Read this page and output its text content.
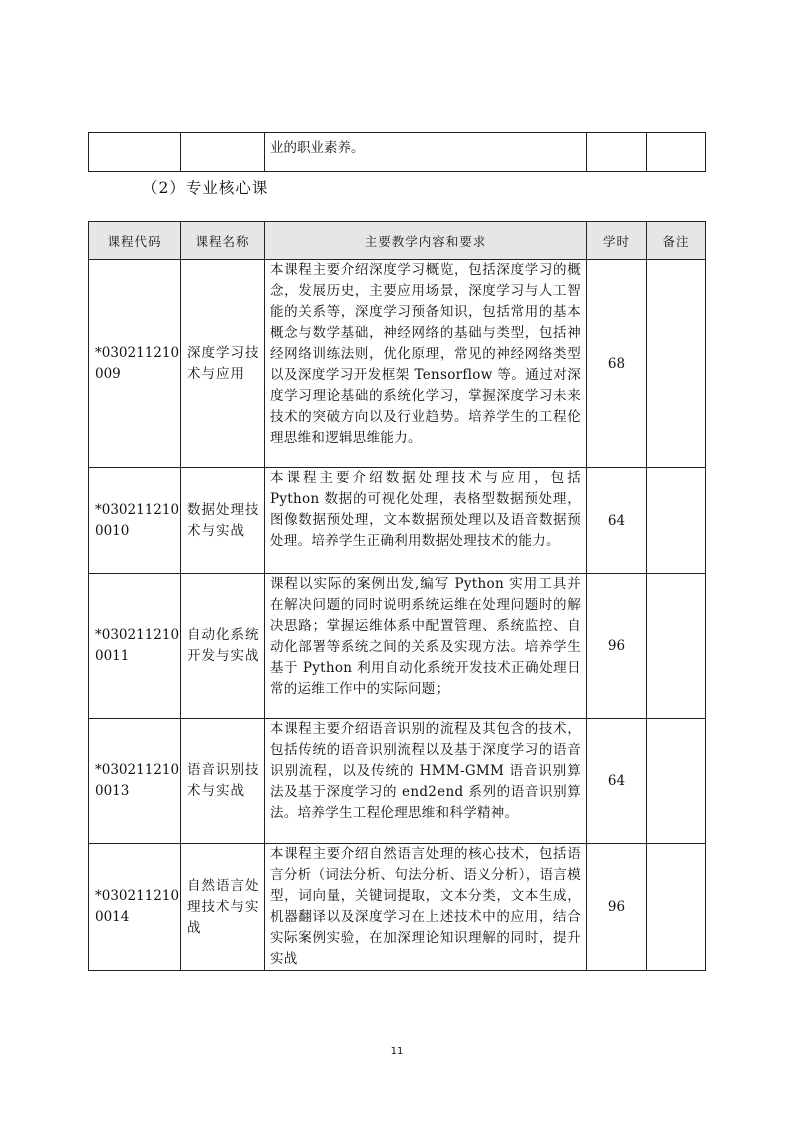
		业的职业素养。		
（2）专业核心课
课程代码	课程名称	主要教学内容和要求	学时	备注
*030211210009	深度学习技术与应用	本课程主要介绍深度学习概览，包括深度学习的概念，发展历史，主要应用场景，深度学习与人工智能的关系等，深度学习预备知识，包括常用的基本概念与数学基础，神经网络的基础与类型，包括神经网络训练法则，优化原理，常见的神经网络类型以及深度学习开发框架 Tensorflow 等。通过对深度学习理论基础的系统化学习，掌握深度学习未来技术的突破方向以及行业趋势。培养学生的工程伦理思维和逻辑思维能力。	68	
*0302112100010	数据处理技术与实战	本课程主要介绍数据处理技术与应用，包括 Python 数据的可视化处理，表格型数据预处理，图像数据预处理，文本数据预处理以及语音数据预处理。培养学生正确利用数据处理技术的能力。	64	
*0302112100011	自动化系统开发与实战	课程以实际的案例出发,编写 Python 实用工具并在解决问题的同时说明系统运维在处理问题时的解决思路；掌握运维体系中配置管理、系统监控、自动化部署等系统之间的关系及实现方法。培养学生基于 Python 利用自动化系统开发技术正确处理日常的运维工作中的实际问题；	96	
*0302112100013	语音识别技术与实战	本课程主要介绍语音识别的流程及其包含的技术，包括传统的语音识别流程以及基于深度学习的语音识别流程，以及传统的 HMM-GMM 语音识别算法及基于深度学习的 end2end 系列的语音识别算法。培养学生工程伦理思维和科学精神。	64	
*0302112100014	自然语言处理技术与实战	本课程主要介绍自然语言处理的核心技术，包括语言分析（词法分析、句法分析、语义分析），语言模型，词向量，关键词提取，文本分类，文本生成，机器翻译以及深度学习在上述技术中的应用，结合实际案例实验，在加深理论知识理解的同时，提升实战	96	
11
